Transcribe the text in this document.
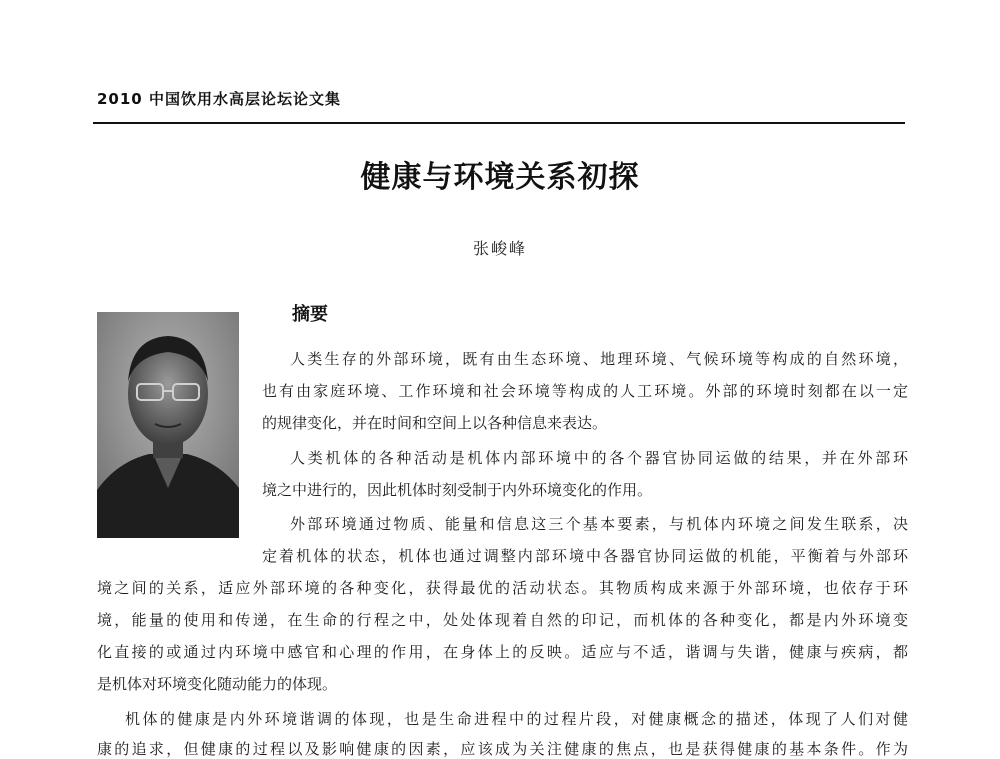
2010 中国饮用水高层论坛论文集
健康与环境关系初探
张峻峰
摘要
人类生存的外部环境，既有由生态环境、地理环境、气候环境等构成的自然环境，
也有由家庭环境、工作环境和社会环境等构成的人工环境。外部的环境时刻都在以一定
的规律变化，并在时间和空间上以各种信息来表达。
人类机体的各种活动是机体内部环境中的各个器官协同运做的结果，并在外部环
境之中进行的，因此机体时刻受制于内外环境变化的作用。
外部环境通过物质、能量和信息这三个基本要素，与机体内环境之间发生联系，决
定着机体的状态，机体也通过调整内部环境中各器官协同运做的机能，平衡着与外部环
境之间的关系，适应外部环境的各种变化，获得最优的活动状态。其物质构成来源于外部环境，也依存于环
境，能量的使用和传递，在生命的行程之中，处处体现着自然的印记，而机体的各种变化，都是内外环境变
化直接的或通过内环境中感官和心理的作用，在身体上的反映。适应与不适，谐调与失谐，健康与疾病，都
是机体对环境变化随动能力的体现。
机体的健康是内外环境谐调的体现，也是生命进程中的过程片段，对健康概念的描述，体现了人们对健
康的追求，但健康的过程以及影响健康的因素，应该成为关注健康的焦点，也是获得健康的基本条件。作为
